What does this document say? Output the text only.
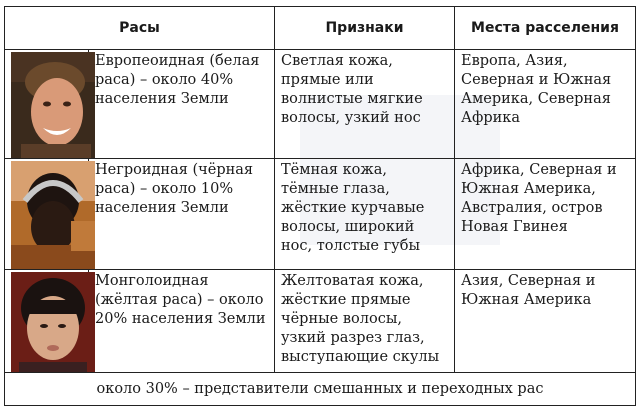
Расы		Признаки	Места расселения

	Европеоидная (белая раса) – около 40% населения Земли	Светлая кожа, прямые или волнистые мягкие волосы, узкий нос	Европа, Азия, Северная и Южная Америка, Северная Африка

	Негроидная (чёрная раса) – около 10% населения Земли	Тёмная кожа, тёмные глаза, жёсткие курчавые волосы, широкий нос, толстые губы	Африка, Северная и Южная Америка, Австралия, остров Новая Гвинея

	Монголоидная (жёлтая раса) – около 20% населения Земли	Желтоватая кожа, жёсткие прямые чёрные волосы, узкий разрез глаз, выступающие скулы	Азия, Северная и Южная Америка
около 30% – представители смешанных и переходных рас			
